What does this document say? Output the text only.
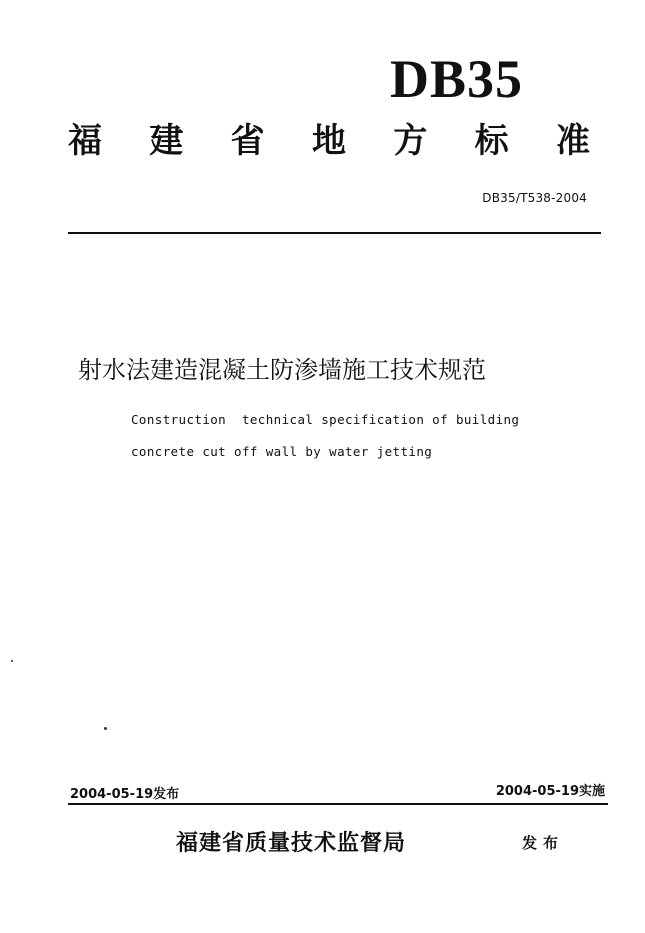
DB35
福 建 省 地 方 标 准
DB35/T538-2004
射水法建造混凝土防渗墙施工技术规范
Construction  technical specification of building
concrete cut off wall by water jetting
2004-05-19发布	2004-05-19实施
福建省质量技术监督局	发布
